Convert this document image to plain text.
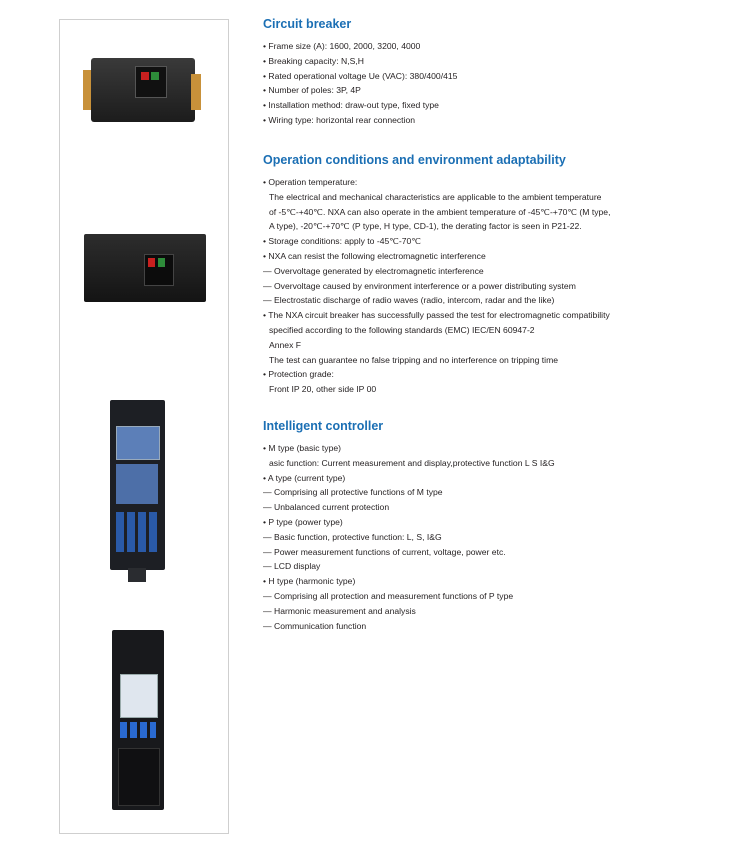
Circuit breaker

• Frame size (A): 1600, 2000, 3200, 4000

• Breaking capacity: N,S,H

• Rated operational voltage Ue (VAC): 380/400/415

• Number of poles: 3P, 4P

• Installation method: draw-out type, fixed type

• Wiring type: horizontal rear connection

Operation conditions and environment adaptability

• Operation temperature:

The electrical and mechanical characteristics are applicable to the ambient temperature

of -5℃-+40℃. NXA can also operate in the ambient temperature of -45℃-+70℃ (M type,

A type), -20℃-+70℃ (P type, H type, CD-1), the derating factor is seen in P21-22.

• Storage conditions: apply to -45℃-70℃

• NXA can resist the following electromagnetic interference

— Overvoltage generated by electromagnetic interference

— Overvoltage caused by environment interference or a power distributing system

— Electrostatic discharge of radio waves (radio, intercom, radar and the like)

• The NXA circuit breaker has successfully passed the test for electromagnetic compatibility

specified according to the following standards (EMC) IEC/EN 60947-2

Annex F

The test can guarantee no false tripping and no interference on tripping time

• Protection grade:

Front IP 20, other side IP 00

Intelligent controller

• M type (basic type)

asic function: Current measurement and display,protective function L S I&G

• A type (current type)

— Comprising all protective functions of M type

— Unbalanced current protection

• P type (power type)

— Basic function, protective function: L, S, I&G

— Power measurement functions of current, voltage, power etc.

— LCD display

• H type (harmonic type)

— Comprising all protection and measurement functions of P type

— Harmonic measurement and analysis

— Communication function
